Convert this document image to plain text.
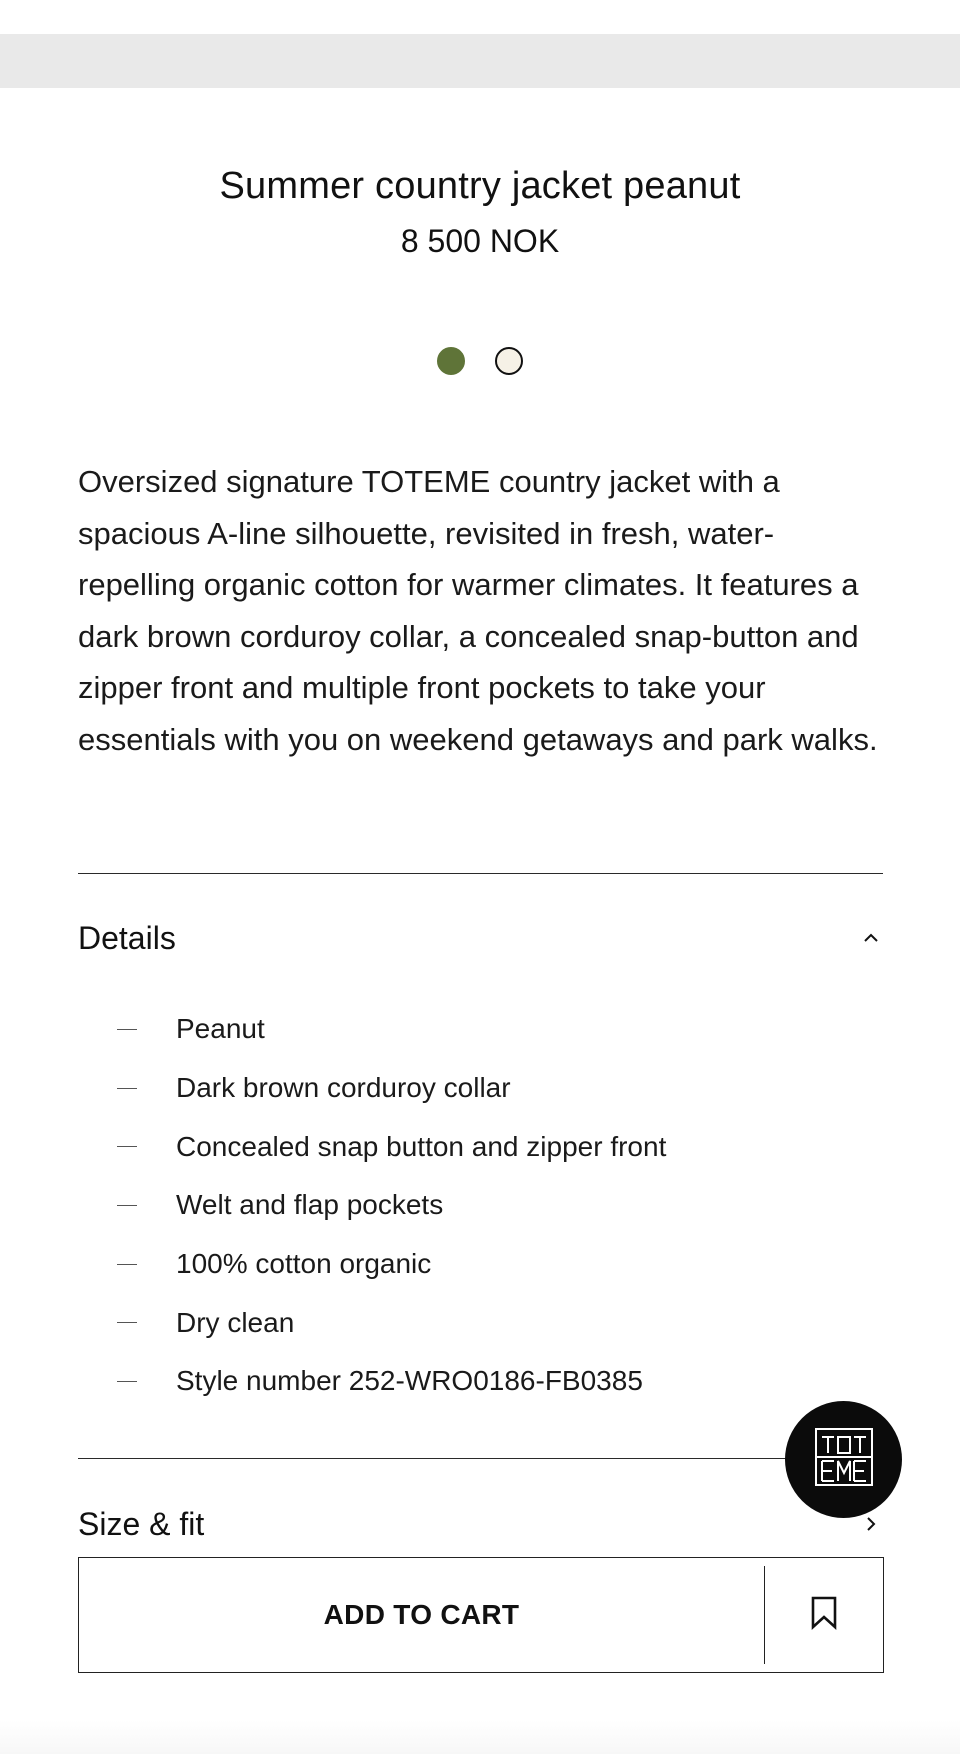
Summer country jacket peanut
8 500 NOK
Oversized signature TOTEME country jacket with a spacious A-line silhouette, revisited in fresh, water-repelling organic cotton for warmer climates. It features a dark brown corduroy collar, a concealed snap-button and zipper front and multiple front pockets to take your essentials with you on weekend getaways and park walks.
Details
Peanut
Dark brown corduroy collar
Concealed snap button and zipper front
Welt and flap pockets
100% cotton organic
Dry clean
Style number 252-WRO0186-FB0385
Size & fit
ADD TO CART
